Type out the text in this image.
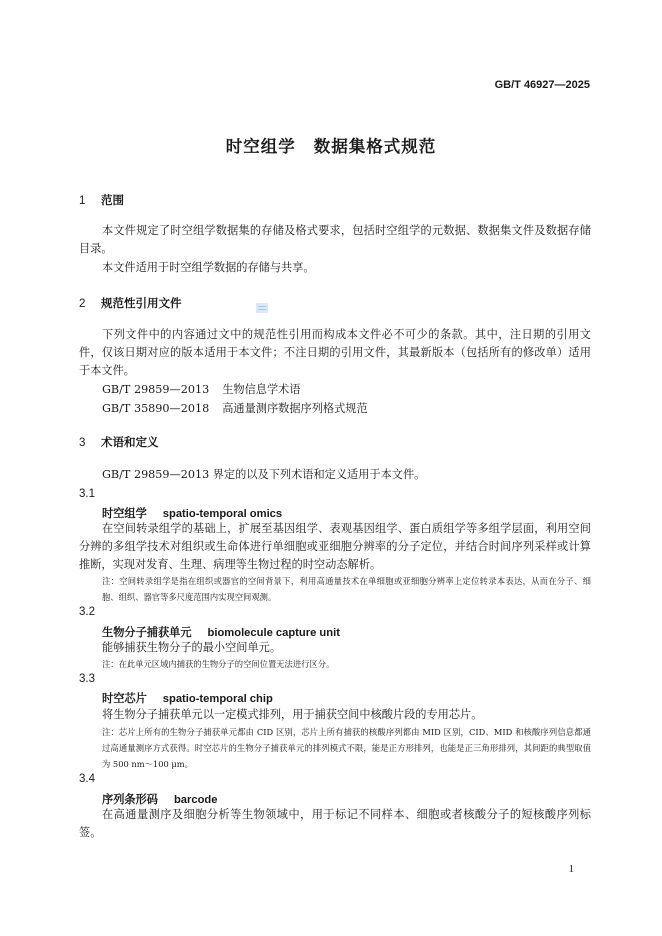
GB/T 46927—2025
时空组学 数据集格式规范
1 范围
本文件规定了时空组学数据集的存储及格式要求，包括时空组学的元数据、数据集文件及数据存储目录。
本文件适用于时空组学数据的存储与共享。
2 规范性引用文件
下列文件中的内容通过文中的规范性引用而构成本文件必不可少的条款。其中，注日期的引用文件，仅该日期对应的版本适用于本文件；不注日期的引用文件，其最新版本（包括所有的修改单）适用于本文件。
GB/T 29859—2013 生物信息学术语
GB/T 35890—2018 高通量测序数据序列格式规范
3 术语和定义
GB/T 29859—2013 界定的以及下列术语和定义适用于本文件。
3.1
时空组学 spatio-temporal omics
在空间转录组学的基础上，扩展至基因组学、表观基因组学、蛋白质组学等多组学层面，利用空间分辨的多组学技术对组织或生命体进行单细胞或亚细胞分辨率的分子定位，并结合时间序列采样或计算推断，实现对发育、生理、病理等生物过程的时空动态解析。
注：空间转录组学是指在组织或器官的空间背景下，利用高通量技术在单细胞或亚细胞分辨率上定位转录本表达，从而在分子、细胞、组织、器官等多尺度范围内实现空间观测。
3.2
生物分子捕获单元 biomolecule capture unit
能够捕获生物分子的最小空间单元。
注：在此单元区域内捕获的生物分子的空间位置无法进行区分。
3.3
时空芯片 spatio-temporal chip
将生物分子捕获单元以一定模式排列，用于捕获空间中核酸片段的专用芯片。
注：芯片上所有的生物分子捕获单元都由 CID 区别，芯片上所有捕获的核酸序列都由 MID 区别，CID、MID 和核酸序列信息都通过高通量测序方式获得。时空芯片的生物分子捕获单元的排列模式不限，能是正方形排列，也能是正三角形排列，其间距的典型取值为 500 nm～100 μm。
3.4
序列条形码 barcode
在高通量测序及细胞分析等生物领域中，用于标记不同样本、细胞或者核酸分子的短核酸序列标签。
1
